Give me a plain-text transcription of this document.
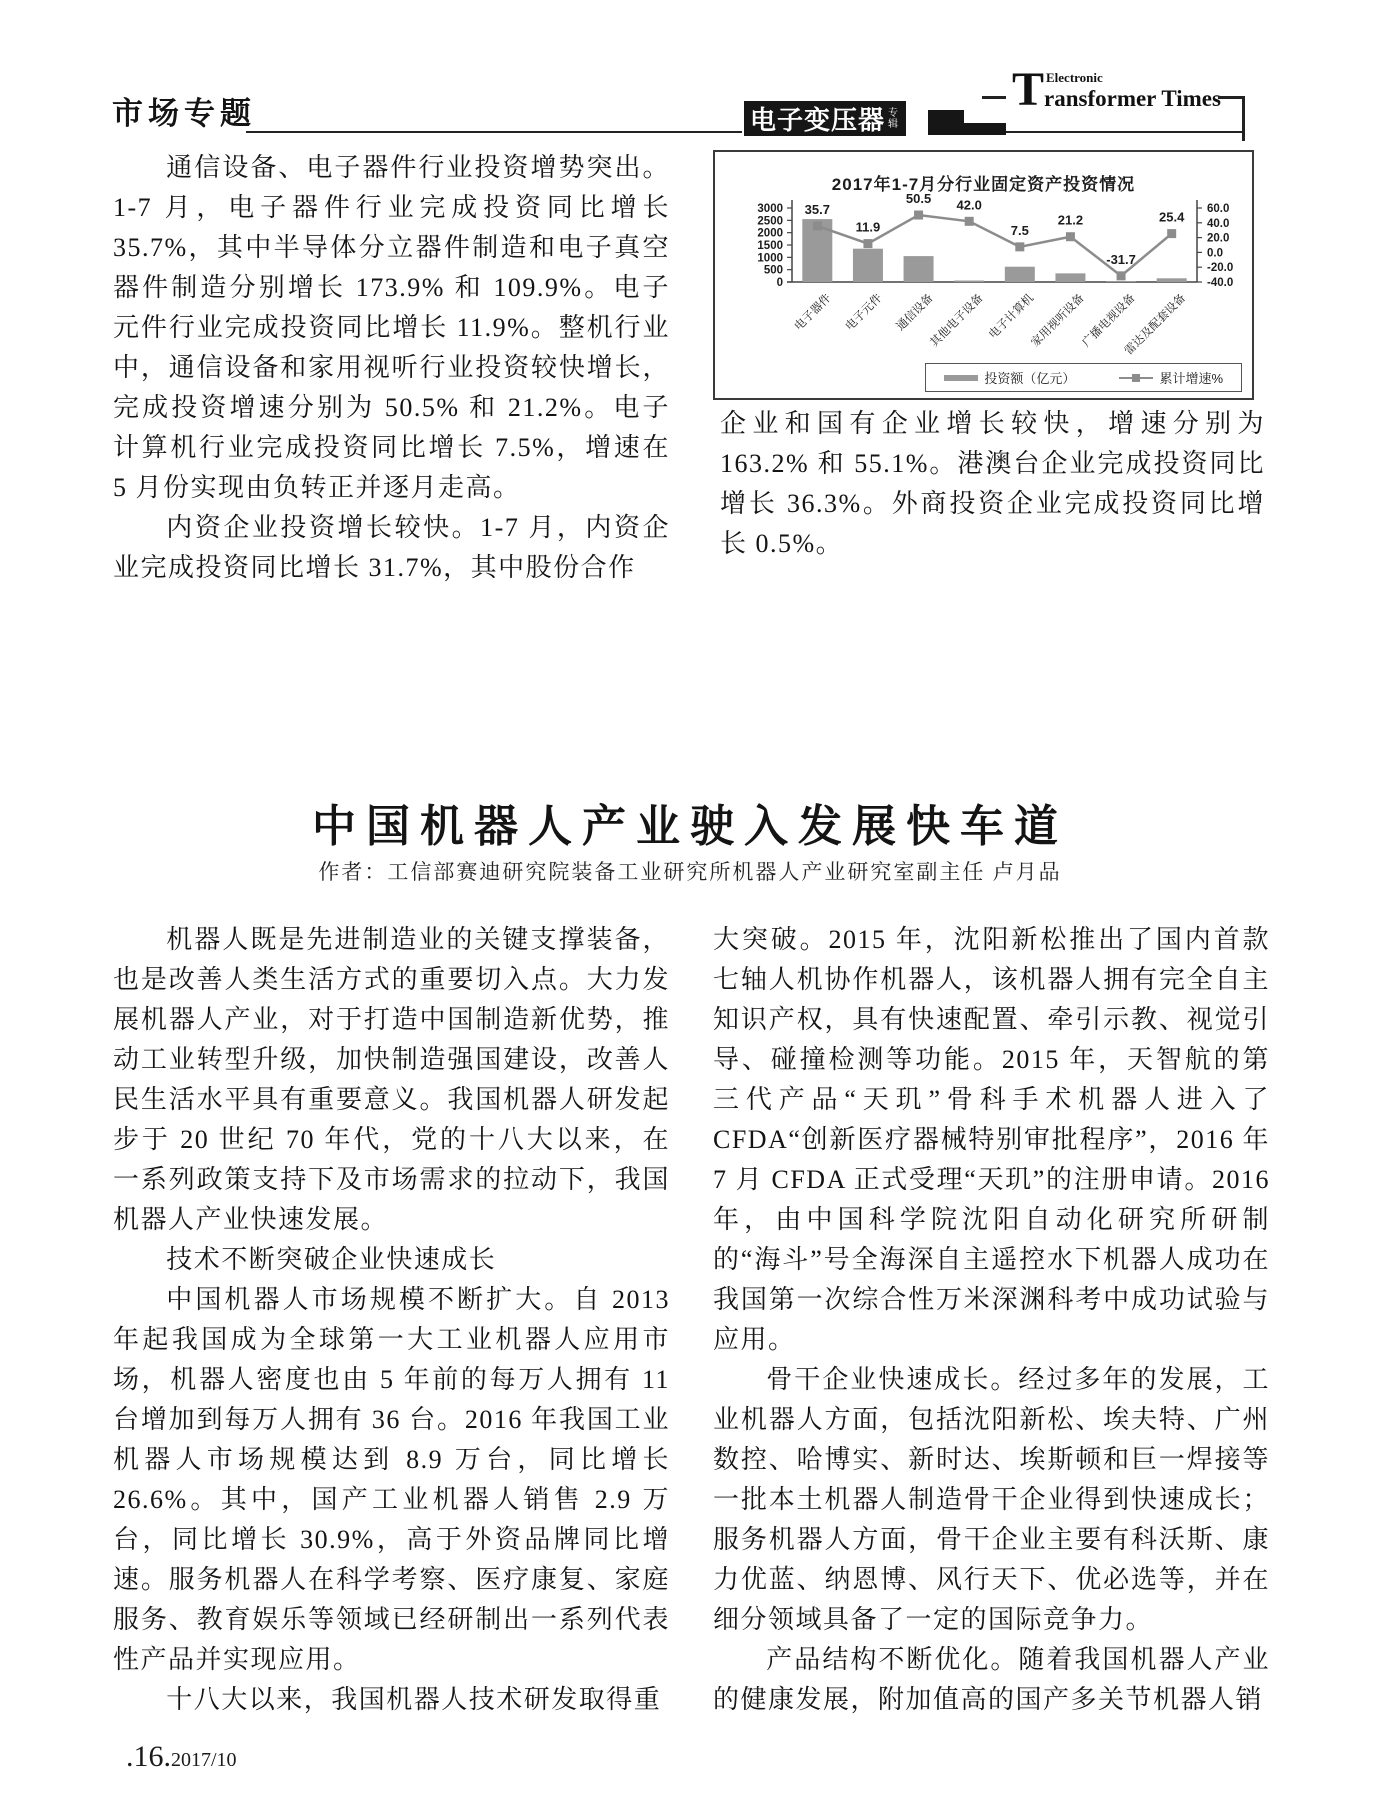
市场专题	T Electronic
ransformer Times
电子变压器 专
辑

通信设备、电子器件行业投资增势突出。1-7 月，电子器件行业完成投资同比增长 35.7%，其中半导体分立器件制造和电子真空器件制造分别增长 173.9% 和 109.9%。电子元件行业完成投资同比增长 11.9%。整机行业中，通信设备和家用视听行业投资较快增长，完成投资增速分别为 50.5% 和 21.2%。电子计算机行业完成投资同比增长 7.5%，增速在 5 月份实现由负转正并逐月走高。

内资企业投资增长较快。1-7 月，内资企业完成投资同比增长 31.7%，其中股份合作

2017年1-7月分行业固定资产投资情况
3000
2500
2000
1500
1000
500
0
60.0
40.0
20.0
0.0
-20.0
-40.0
35.7
11.9
50.5 42.0
7.5
21.2
-31.7
25.4
电子器件 电子元件 通信设备
其他电子设备 电子计算机
家用视听设备
广播电视设备
雷达及配套设备
投资额（亿元）	累计增速%

企业和国有企业增长较快，增速分别为 163.2% 和 55.1%。港澳台企业完成投资同比增长 36.3%。外商投资企业完成投资同比增长 0.5%。

中国机器人产业驶入发展快车道
作者：工信部赛迪研究院装备工业研究所机器人产业研究室副主任 卢月品

机器人既是先进制造业的关键支撑装备，也是改善人类生活方式的重要切入点。大力发展机器人产业，对于打造中国制造新优势，推动工业转型升级，加快制造强国建设，改善人民生活水平具有重要意义。我国机器人研发起步于 20 世纪 70 年代，党的十八大以来，在一系列政策支持下及市场需求的拉动下，我国机器人产业快速发展。

技术不断突破企业快速成长

中国机器人市场规模不断扩大。自 2013 年起我国成为全球第一大工业机器人应用市场，机器人密度也由 5 年前的每万人拥有 11 台增加到每万人拥有 36 台。2016 年我国工业机器人市场规模达到 8.9 万台，同比增长 26.6%。其中，国产工业机器人销售 2.9 万台，同比增长 30.9%，高于外资品牌同比增速。服务机器人在科学考察、医疗康复、家庭服务、教育娱乐等领域已经研制出一系列代表性产品并实现应用。

十八大以来，我国机器人技术研发取得重

大突破。2015 年，沈阳新松推出了国内首款七轴人机协作机器人，该机器人拥有完全自主知识产权，具有快速配置、牵引示教、视觉引导、碰撞检测等功能。2015 年，天智航的第三代产品“天玑”骨科手术机器人进入了 CFDA“创新医疗器械特别审批程序”，2016 年 7 月 CFDA 正式受理“天玑”的注册申请。2016 年，由中国科学院沈阳自动化研究所研制的“海斗”号全海深自主遥控水下机器人成功在我国第一次综合性万米深渊科考中成功试验与应用。

骨干企业快速成长。经过多年的发展，工业机器人方面，包括沈阳新松、埃夫特、广州数控、哈博实、新时达、埃斯顿和巨一焊接等一批本土机器人制造骨干企业得到快速成长；服务机器人方面，骨干企业主要有科沃斯、康力优蓝、纳恩博、风行天下、优必选等，并在细分领域具备了一定的国际竞争力。

产品结构不断优化。随着我国机器人产业的健康发展，附加值高的国产多关节机器人销

.16.2017/10
